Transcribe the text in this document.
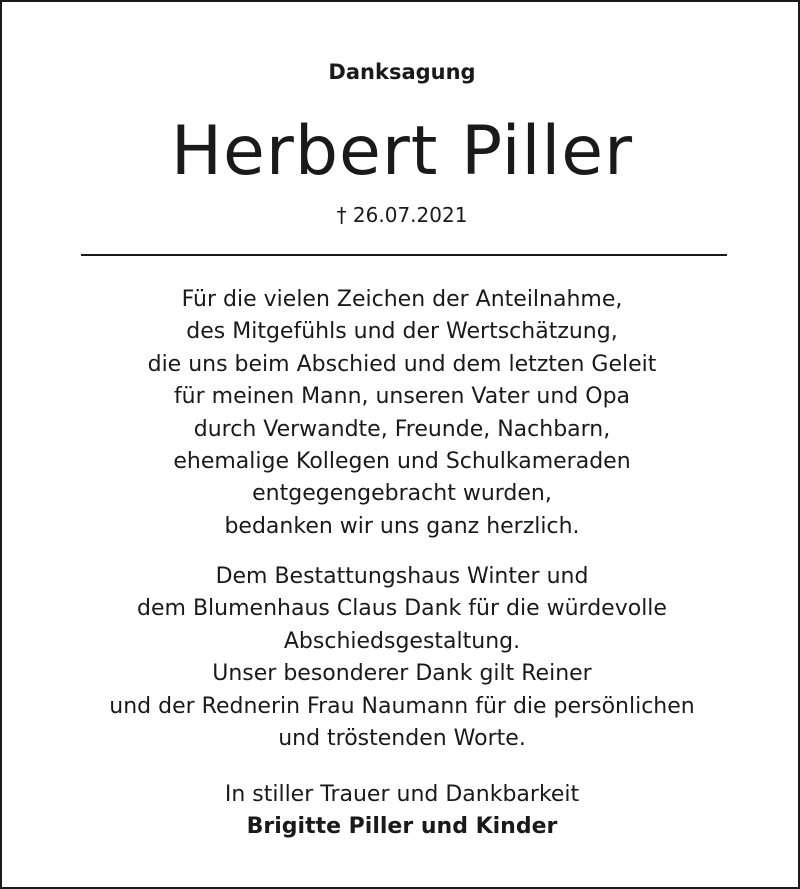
Danksagung
Herbert Piller
† 26.07.2021
Für die vielen Zeichen der Anteilnahme,
des Mitgefühls und der Wertschätzung,
die uns beim Abschied und dem letzten Geleit
für meinen Mann, unseren Vater und Opa
durch Verwandte, Freunde, Nachbarn,
ehemalige Kollegen und Schulkameraden
entgegengebracht wurden,
bedanken wir uns ganz herzlich.
Dem Bestattungshaus Winter und
dem Blumenhaus Claus Dank für die würdevolle
Abschiedsgestaltung.
Unser besonderer Dank gilt Reiner
und der Rednerin Frau Naumann für die persönlichen
und tröstenden Worte.
In stiller Trauer und Dankbarkeit
Brigitte Piller und Kinder
